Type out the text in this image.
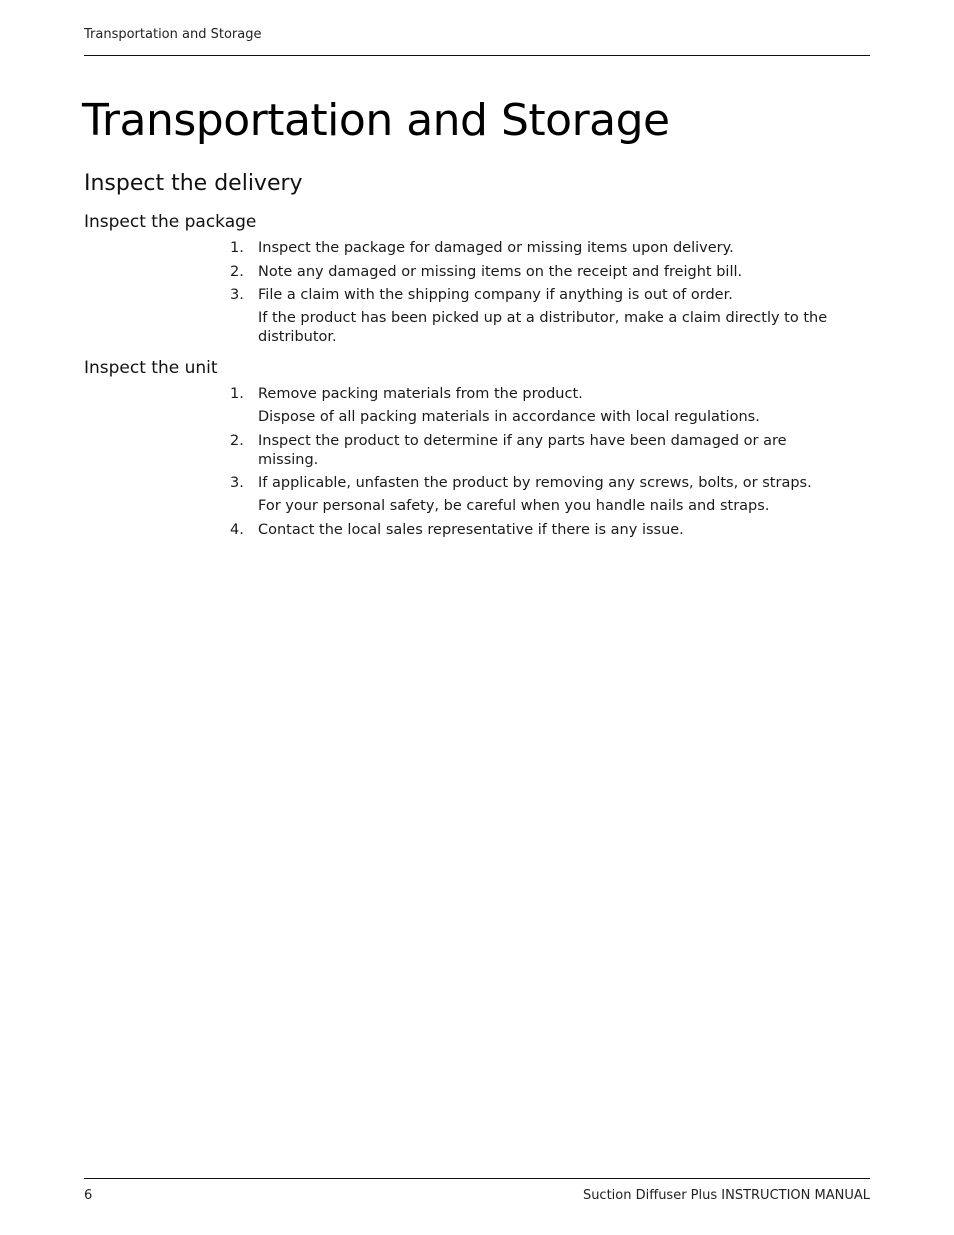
Transportation and Storage
Transportation and Storage
Inspect the delivery
Inspect the package
1. Inspect the package for damaged or missing items upon delivery.
2. Note any damaged or missing items on the receipt and freight bill.
3. File a claim with the shipping company if anything is out of order.
If the product has been picked up at a distributor, make a claim directly to the distributor.
Inspect the unit
1. Remove packing materials from the product.
Dispose of all packing materials in accordance with local regulations.
2. Inspect the product to determine if any parts have been damaged or are missing.
3. If applicable, unfasten the product by removing any screws, bolts, or straps.
For your personal safety, be careful when you handle nails and straps.
4. Contact the local sales representative if there is any issue.
6	Suction Diffuser Plus INSTRUCTION MANUAL
